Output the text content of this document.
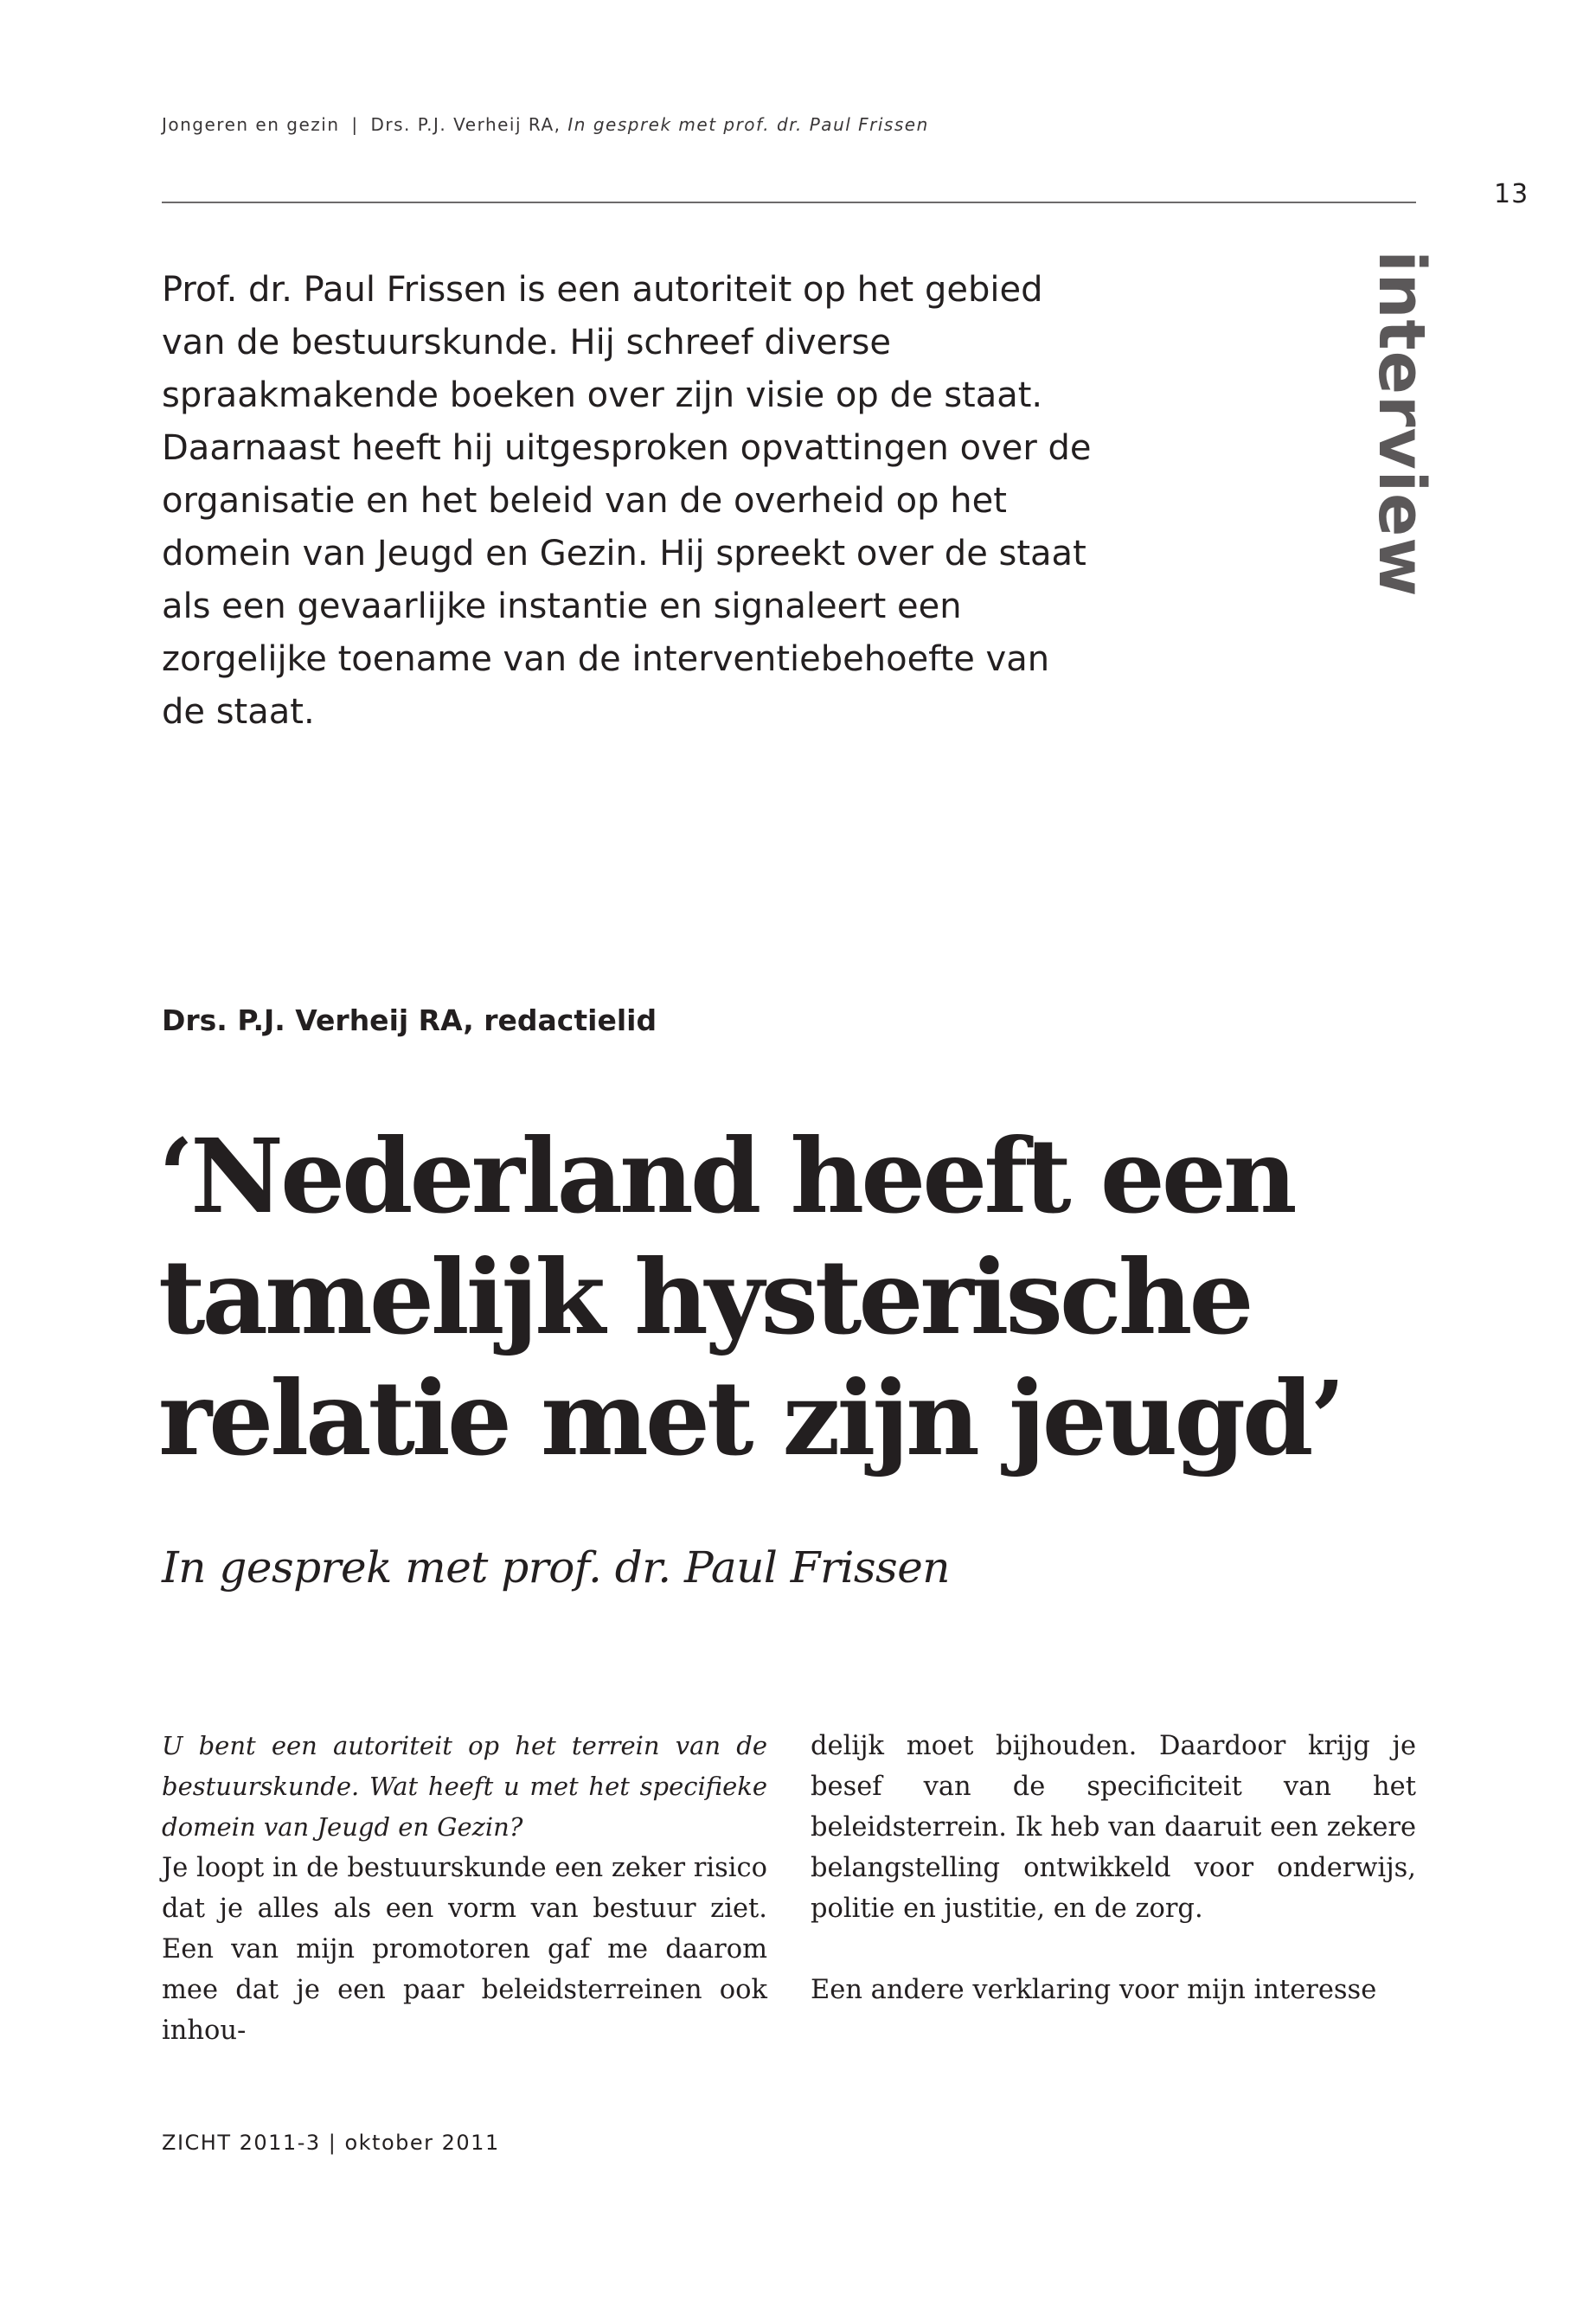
Jongeren en gezin | Drs. P.J. Verheij RA, In gesprek met prof. dr. Paul Frissen
13

Prof. dr. Paul Frissen is een autoriteit op het gebied van de bestuurskunde. Hij schreef diverse spraakmakende boeken over zijn visie op de staat. Daarnaast heeft hij uitgesproken opvattingen over de organisatie en het beleid van de overheid op het domein van Jeugd en Gezin. Hij spreekt over de staat als een gevaarlijke instantie en signaleert een zorgelijke toename van de interventiebehoefte van de staat.

interview
Drs. P.J. Verheij RA, redactielid
‘Nederland heeft een
tamelijk hysterische
relatie met zijn jeugd’
In gesprek met prof. dr. Paul Frissen

U bent een autoriteit op het terrein van de bestuurskunde. Wat heeft u met het specifieke domein van Jeugd en Gezin?

Je loopt in de bestuurskunde een zeker risico dat je alles als een vorm van bestuur ziet. Een van mijn promotoren gaf me daarom mee dat je een paar beleidsterreinen ook inhou-

delijk moet bijhouden. Daardoor krijg je besef van de specificiteit van het beleidsterrein. Ik heb van daaruit een zekere belangstelling ontwikkeld voor onderwijs, politie en justitie, en de zorg.

Een andere verklaring voor mijn interesse

ZICHT 2011-3 | oktober 2011
